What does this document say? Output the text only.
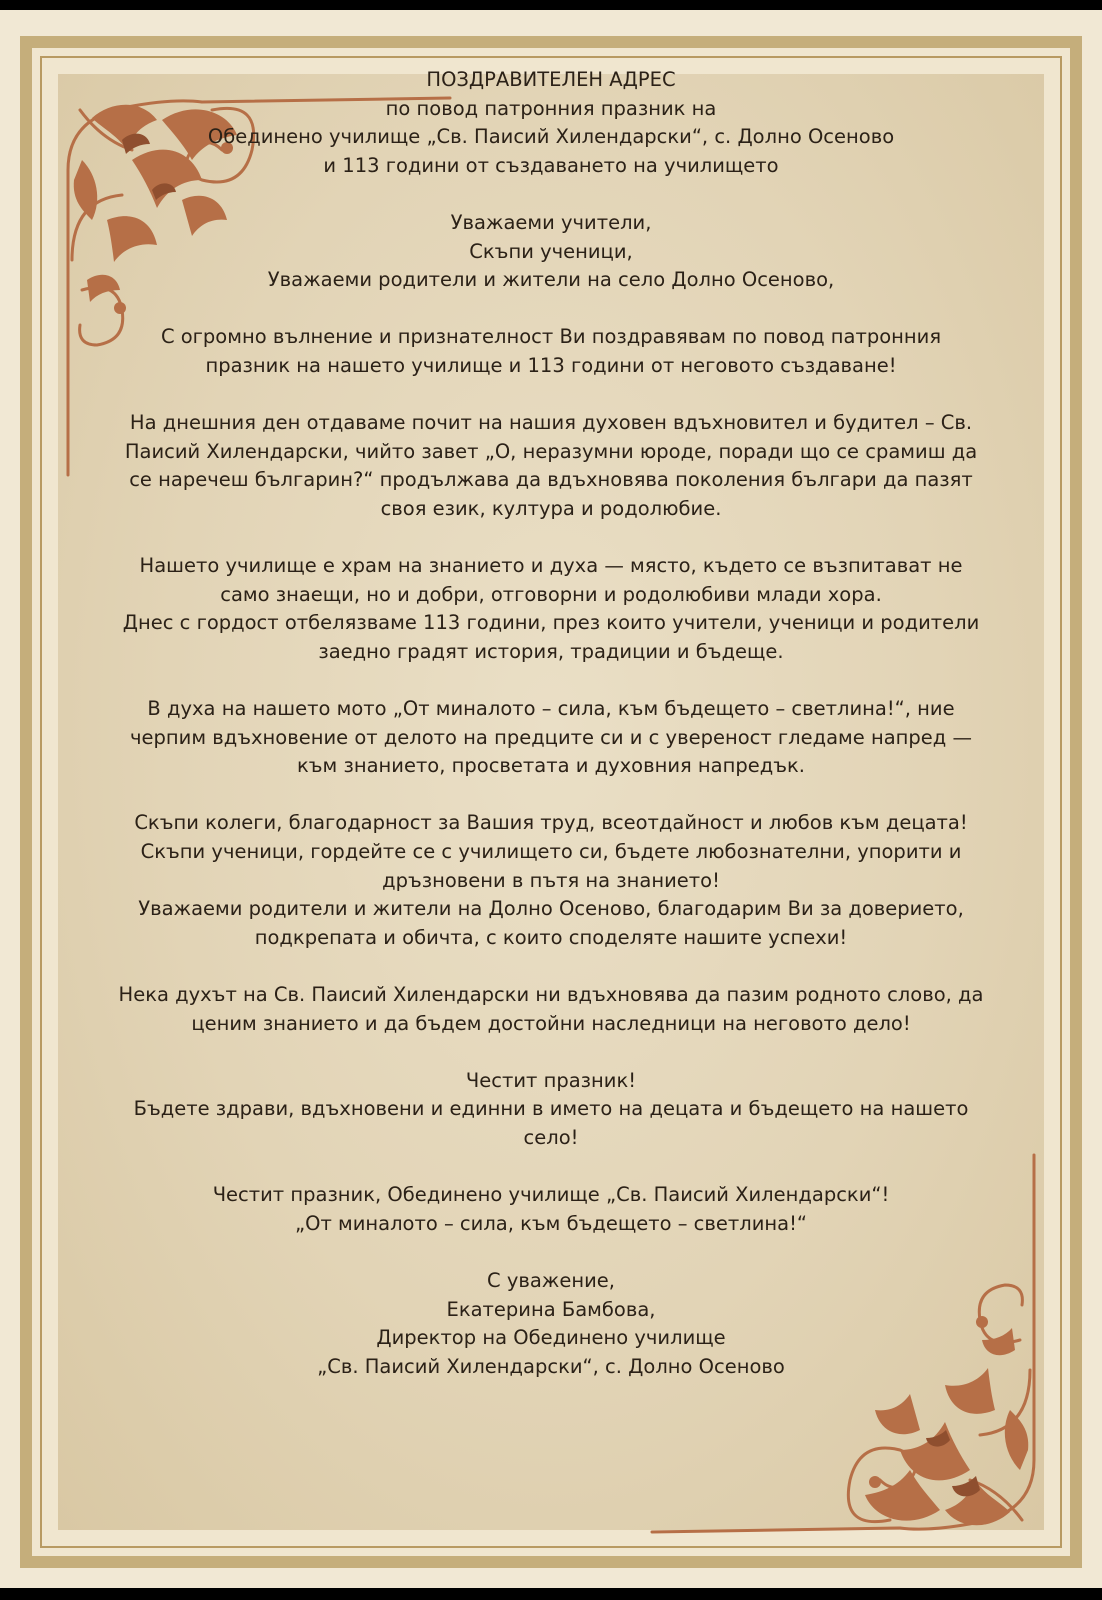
ПОЗДРАВИТЕЛЕН АДРЕС
по повод патронния празник на
Обединено училище „Св. Паисий Хилендарски“, с. Долно Осеново
и 113 години от създаването на училището

Уважаеми учители,
Скъпи ученици,
Уважаеми родители и жители на село Долно Осеново,

С огромно вълнение и признателност Ви поздравявам по повод патронния
празник на нашето училище и 113 години от неговото създаване!

На днешния ден отдаваме почит на нашия духовен вдъхновител и будител – Св.
Паисий Хилендарски, чийто завет „О, неразумни юроде, поради що се срамиш да
се наречеш българин?“ продължава да вдъхновява поколения българи да пазят
своя език, култура и родолюбие.

Нашето училище е храм на знанието и духа — място, където се възпитават не
само знаещи, но и добри, отговорни и родолюбиви млади хора.
Днес с гордост отбелязваме 113 години, през които учители, ученици и родители
заедно градят история, традиции и бъдеще.

В духа на нашето мото „От миналото – сила, към бъдещето – светлина!“, ние
черпим вдъхновение от делото на предците си и с увереност гледаме напред —
към знанието, просветата и духовния напредък.

Скъпи колеги, благодарност за Вашия труд, всеотдайност и любов към децата!
Скъпи ученици, гордейте се с училището си, бъдете любознателни, упорити и
дръзновени в пътя на знанието!
Уважаеми родители и жители на Долно Осеново, благодарим Ви за доверието,
подкрепата и обичта, с които споделяте нашите успехи!

Нека духът на Св. Паисий Хилендарски ни вдъхновява да пазим родното слово, да
ценим знанието и да бъдем достойни наследници на неговото дело!

Честит празник!
Бъдете здрави, вдъхновени и единни в името на децата и бъдещето на нашето
село!

Честит празник, Обединено училище „Св. Паисий Хилендарски“!
„От миналото – сила, към бъдещето – светлина!“

С уважение,
Екатерина Бамбова,
Директор на Обединено училище
„Св. Паисий Хилендарски“, с. Долно Осеново
